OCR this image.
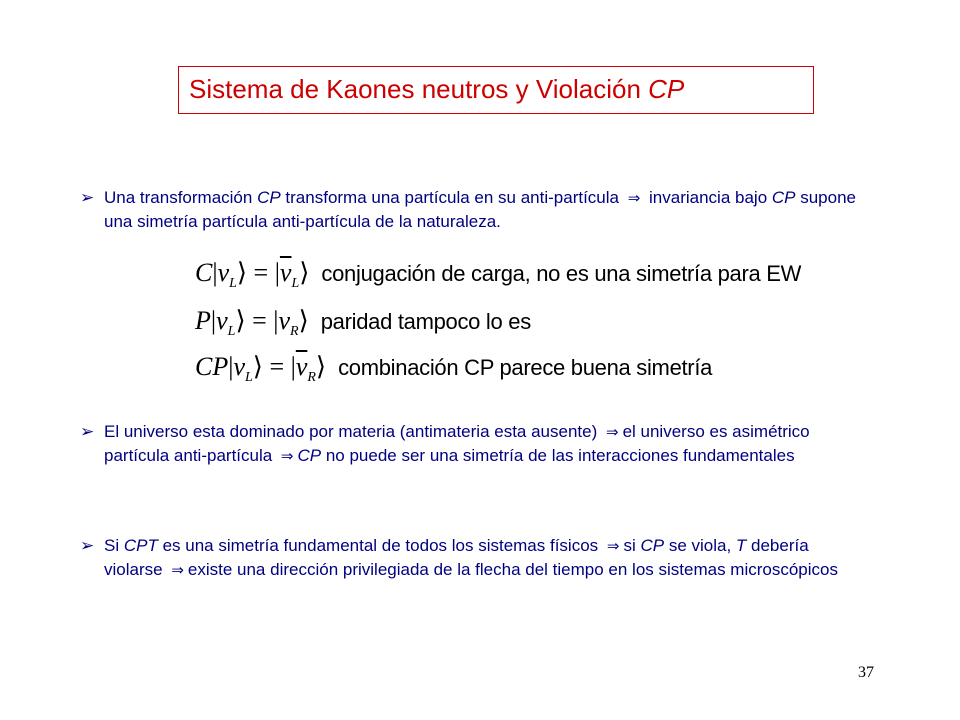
Sistema de Kaones neutros y Violación CP
➢ Una transformación CP transforma una partícula en su anti-partícula ⇒ invariancia bajo CP supone una simetría partícula anti-partícula de la naturaleza.
$C|\nu_L⟩$ = $|\overline{\nu}_L⟩$ conjugación de carga, no es una simetría para EW
$P|\nu_L⟩$ = $|\nu_R⟩$ paridad tampoco lo es
$CP|\nu_L⟩$ = $|\overline{\nu}_R⟩$ combinación CP parece buena simetría
➢ El universo esta dominado por materia (antimateria esta ausente) ⇒ el universo es asimétrico partícula anti-partícula ⇒ CP no puede ser una simetría de las interacciones fundamentales
➢ Si CPT es una simetría fundamental de todos los sistemas físicos ⇒ si CP se viola, T debería violarse ⇒ existe una dirección privilegiada de la flecha del tiempo en los sistemas microscópicos
37
